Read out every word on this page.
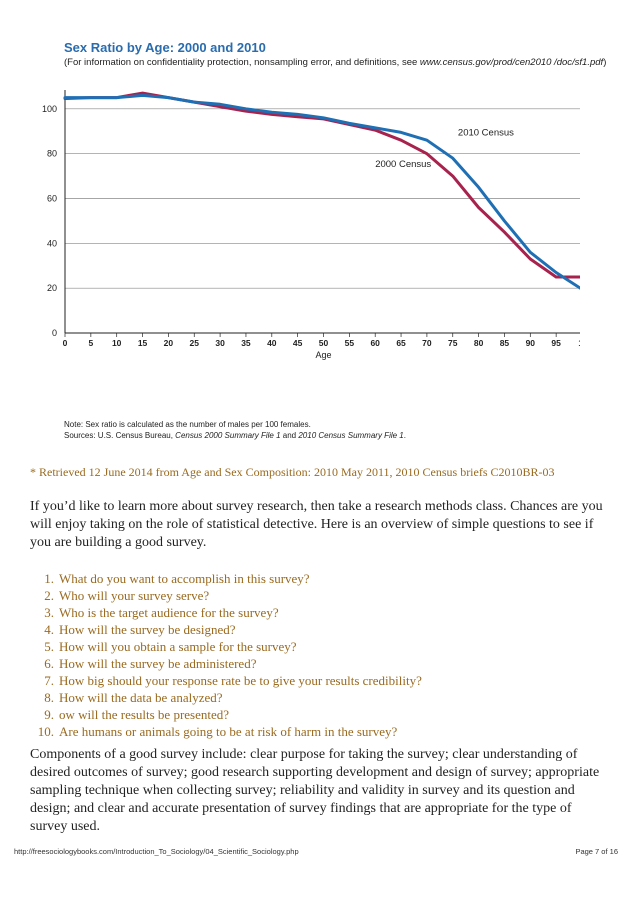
Sex Ratio by Age: 2000 and 2010
(For information on confidentiality protection, nonsampling error, and definitions, see www.census.gov/prod/cen2010 /doc/sf1.pdf)
0
20
40
60
80
100
0 5 10 15 20 25 30 35 40 45 50 55 60 65 70 75 80 85 90 95
Age
2010 Census
2000 Census
Note: Sex ratio is calculated as the number of males per 100 females.
Sources: U.S. Census Bureau, Census 2000 Summary File 1 and 2010 Census Summary File 1.
* Retrieved 12 June 2014 from Age and Sex Composition: 2010 May 2011, 2010 Census briefs C2010BR-03

If you’d like to learn more about survey research, then take a research methods class. Chances are you will enjoy taking on the role of statistical detective. Here is an overview of simple questions to see if you are building a good survey.

1. What do you want to accomplish in this survey?
2. Who will your survey serve?
3. Who is the target audience for the survey?
4. How will the survey be designed?
5. How will you obtain a sample for the survey?
6. How will the survey be administered?
7. How big should your response rate be to give your results credibility?
8. How will the data be analyzed?
9. ow will the results be presented?
10. Are humans or animals going to be at risk of harm in the survey?

Components of a good survey include: clear purpose for taking the survey; clear understanding of desired outcomes of survey; good research supporting development and design of survey; appropriate sampling technique when collecting survey; reliability and validity in survey and its question and design; and clear and accurate presentation of survey findings that are appropriate for the type of survey used.

http://freesociologybooks.com/Introduction_To_Sociology/04_Scientific_Sociology.php	Page 7 of 16
